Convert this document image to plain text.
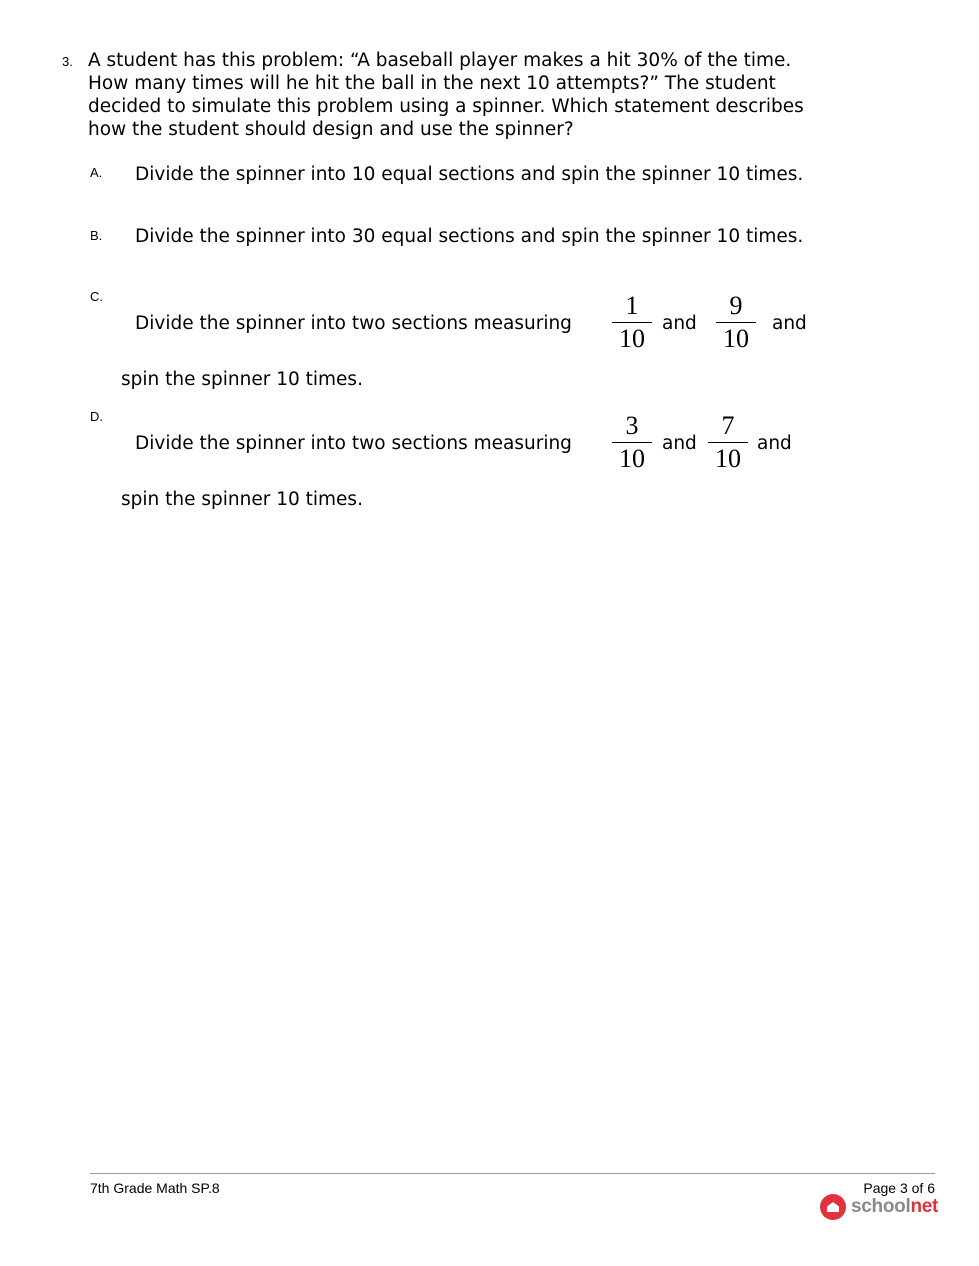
3. A student has this problem: “A baseball player makes a hit 30% of the time. How many times will he hit the ball in the next 10 attempts?” The student decided to simulate this problem using a spinner. Which statement describes how the student should design and use the spinner?
A.	Divide the spinner into 10 equal sections and spin the spinner 10 times.
B.	Divide the spinner into 30 equal sections and spin the spinner 10 times.
C.
Divide the spinner into two sections measuring
1
10
and
9
10
and
spin the spinner 10 times.
D.
Divide the spinner into two sections measuring
3
10
and
7
10
and
spin the spinner 10 times.
7th Grade Math SP.8	Page 3 of 6
schoolnet
